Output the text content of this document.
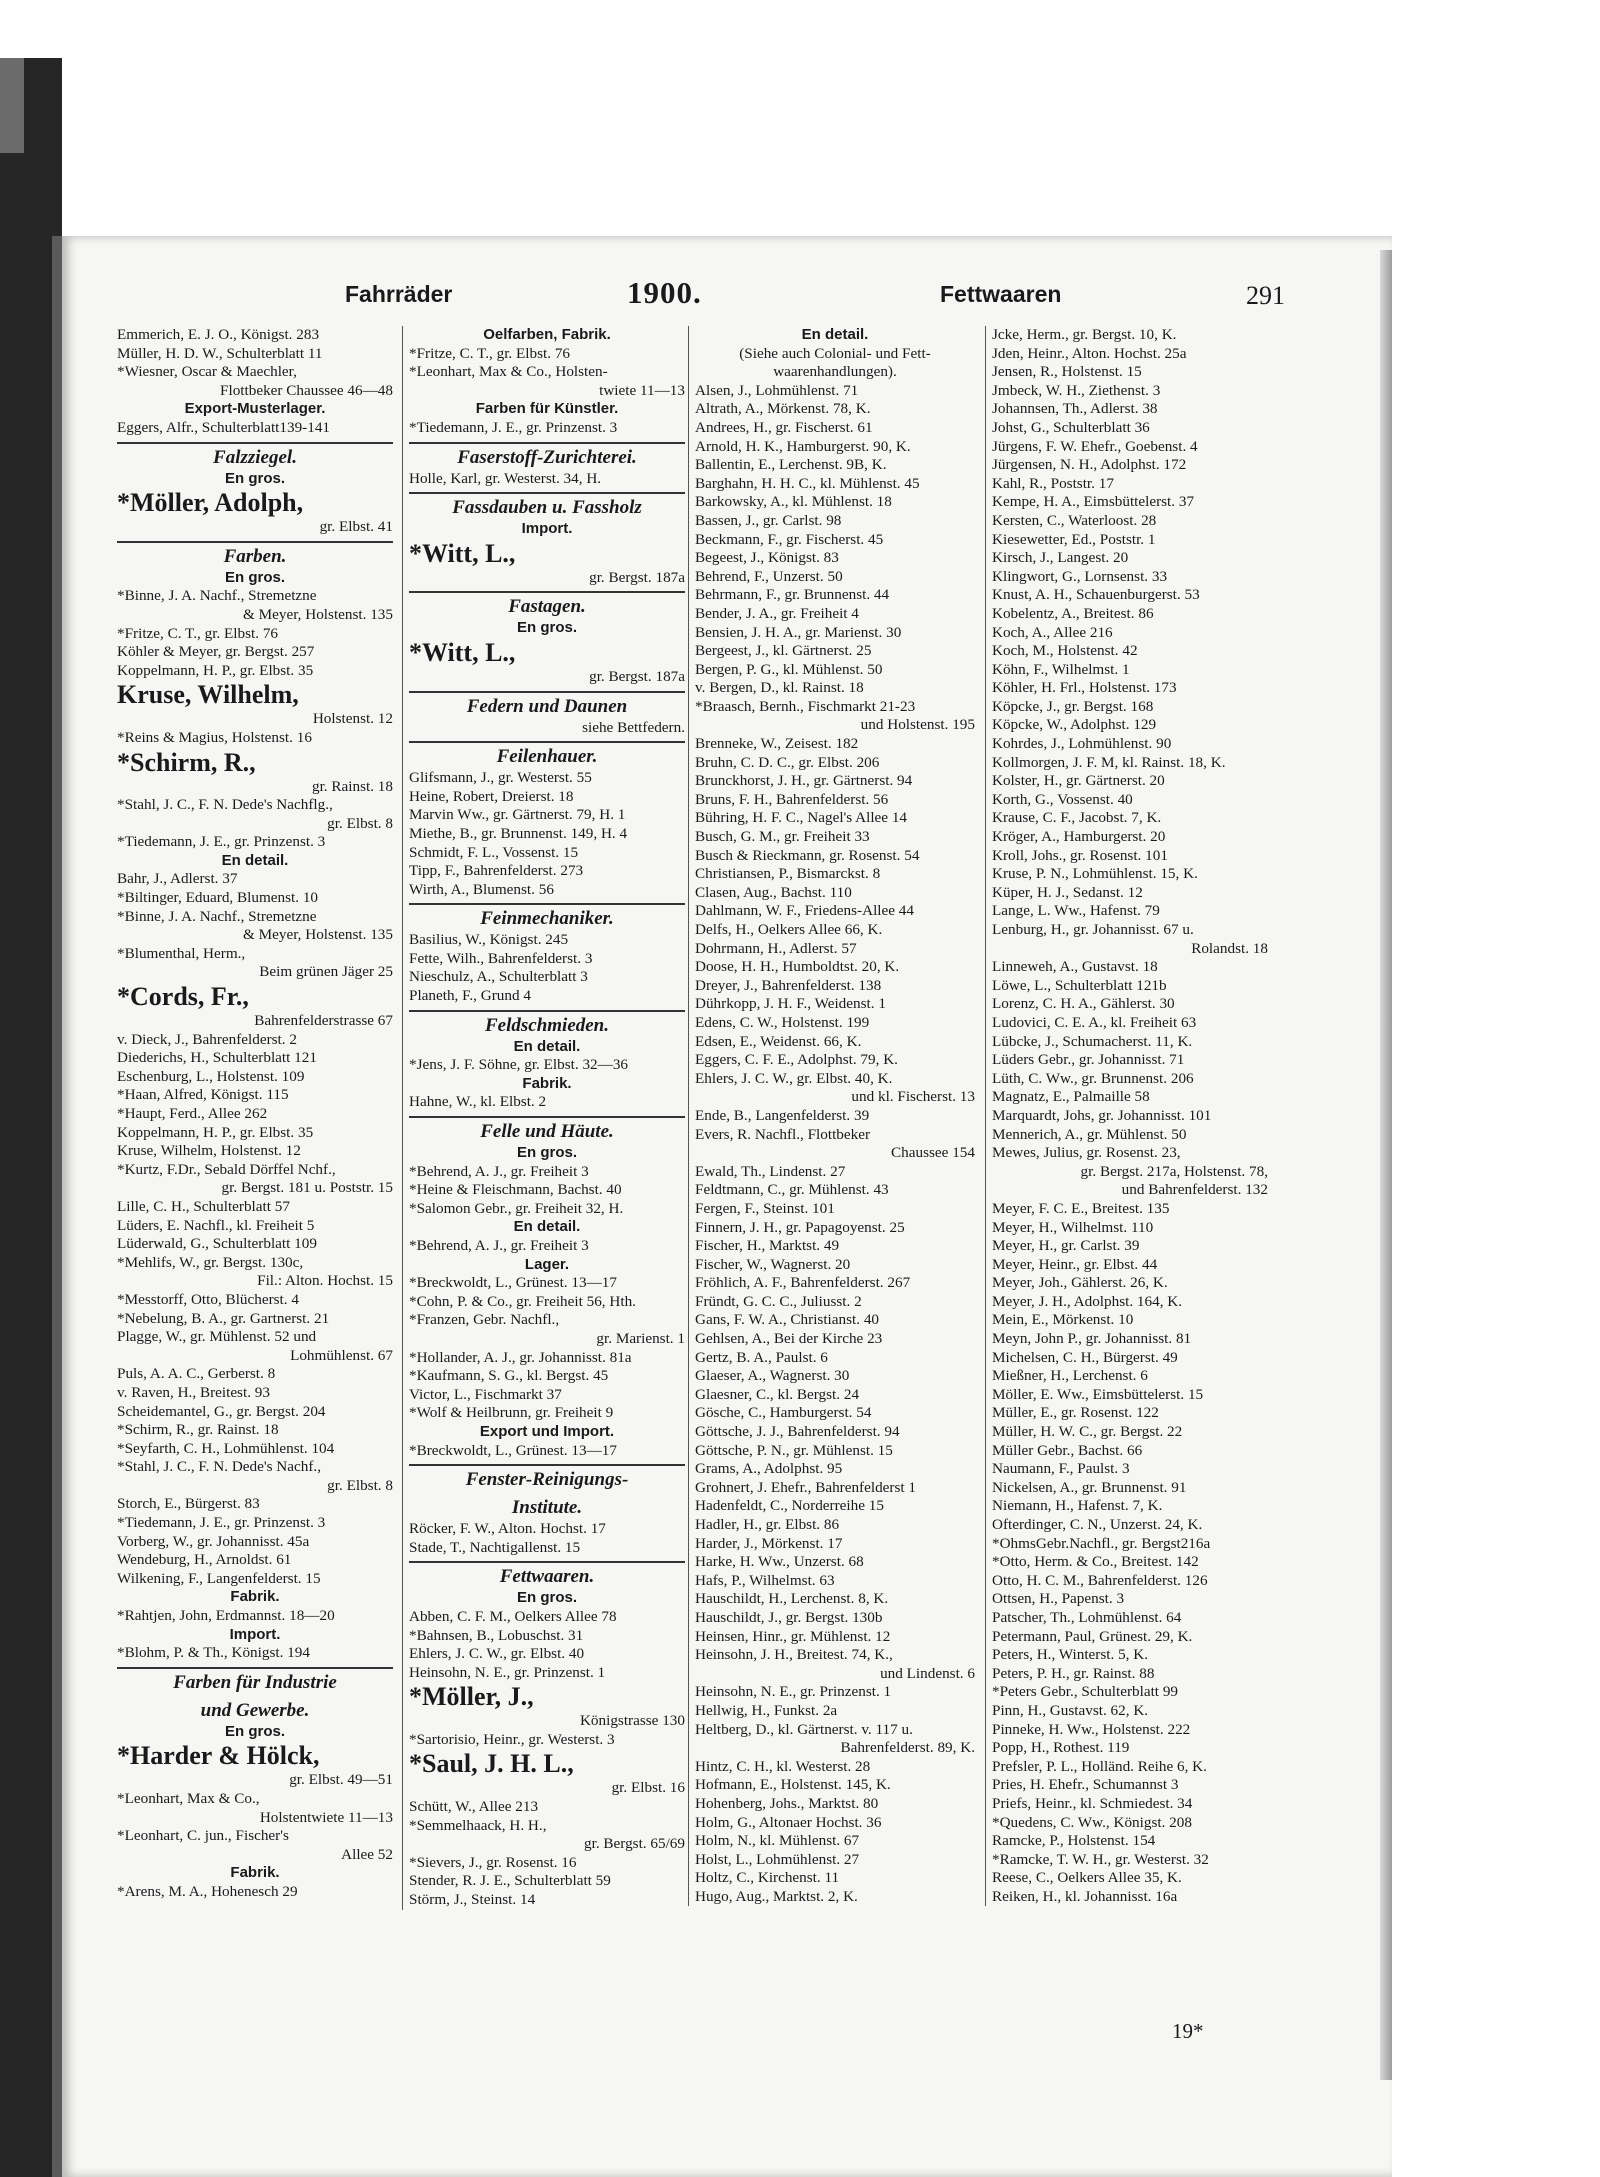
Fahrräder	1900.	Fettwaaren	291
Emmerich, E. J. O., Königst. 283
Müller, H. D. W., Schulterblatt 11
*Wiesner, Oscar & Maechler,
Flottbeker Chaussee 46—48
Export-Musterlager.
Eggers, Alfr., Schulterblatt139-141
Falzziegel.
En gros.
*Möller, Adolph,
gr. Elbst. 41
Farben.
En gros.
*Binne, J. A. Nachf., Stremetzne
& Meyer, Holstenst. 135
*Fritze, C. T., gr. Elbst. 76
Köhler & Meyer, gr. Bergst. 257
Koppelmann, H. P., gr. Elbst. 35
Kruse, Wilhelm,
Holstenst. 12
*Reins & Magius, Holstenst. 16
*Schirm, R.,
gr. Rainst. 18
*Stahl, J. C., F. N. Dede's Nachflg.,
gr. Elbst. 8
*Tiedemann, J. E., gr. Prinzenst. 3
En detail.
Bahr, J., Adlerst. 37
*Biltinger, Eduard, Blumenst. 10
*Binne, J. A. Nachf., Stremetzne
& Meyer, Holstenst. 135
*Blumenthal, Herm.,
Beim grünen Jäger 25
*Cords, Fr.,
Bahrenfelderstrasse 67
v. Dieck, J., Bahrenfelderst. 2
Diederichs, H., Schulterblatt 121
Eschenburg, L., Holstenst. 109
*Haan, Alfred, Königst. 115
*Haupt, Ferd., Allee 262
Koppelmann, H. P., gr. Elbst. 35
Kruse, Wilhelm, Holstenst. 12
*Kurtz, F.Dr., Sebald Dörffel Nchf.,
gr. Bergst. 181 u. Poststr. 15
Lille, C. H., Schulterblatt 57
Lüders, E. Nachfl., kl. Freiheit 5
Lüderwald, G., Schulterblatt 109
*Mehlifs, W., gr. Bergst. 130c,
Fil.: Alton. Hochst. 15
*Messtorff, Otto, Blücherst. 4
*Nebelung, B. A., gr. Gartnerst. 21
Plagge, W., gr. Mühlenst. 52 und
Lohmühlenst. 67
Puls, A. A. C., Gerberst. 8
v. Raven, H., Breitest. 93
Scheidemantel, G., gr. Bergst. 204
*Schirm, R., gr. Rainst. 18
*Seyfarth, C. H., Lohmühlenst. 104
*Stahl, J. C., F. N. Dede's Nachf.,
gr. Elbst. 8
Storch, E., Bürgerst. 83
*Tiedemann, J. E., gr. Prinzenst. 3
Vorberg, W., gr. Johannisst. 45a
Wendeburg, H., Arnoldst. 61
Wilkening, F., Langenfelderst. 15
Fabrik.
*Rahtjen, John, Erdmannst. 18—20
Import.
*Blohm, P. & Th., Königst. 194
Farben für Industrie
und Gewerbe.
En gros.
*Harder & Hölck,
gr. Elbst. 49—51
*Leonhart, Max & Co.,
Holstentwiete 11—13
*Leonhart, C. jun., Fischer's
Allee 52
Fabrik.
*Arens, M. A., Hohenesch 29
Oelfarben, Fabrik.
*Fritze, C. T., gr. Elbst. 76
*Leonhart, Max & Co., Holsten-
twiete 11—13
Farben für Künstler.
*Tiedemann, J. E., gr. Prinzenst. 3
Faserstoff-Zurichterei.
Holle, Karl, gr. Westerst. 34, H.
Fassdauben u. Fassholz
Import.
*Witt, L.,
gr. Bergst. 187a
Fastagen.
En gros.
*Witt, L.,
gr. Bergst. 187a
Federn und Daunen
siehe Bettfedern.
Feilenhauer.
Glifsmann, J., gr. Westerst. 55
Heine, Robert, Dreierst. 18
Marvin Ww., gr. Gärtnerst. 79, H. 1
Miethe, B., gr. Brunnenst. 149, H. 4
Schmidt, F. L., Vossenst. 15
Tipp, F., Bahrenfelderst. 273
Wirth, A., Blumenst. 56
Feinmechaniker.
Basilius, W., Königst. 245
Fette, Wilh., Bahrenfelderst. 3
Nieschulz, A., Schulterblatt 3
Planeth, F., Grund 4
Feldschmieden.
En detail.
*Jens, J. F. Söhne, gr. Elbst. 32—36
Fabrik.
Hahne, W., kl. Elbst. 2
Felle und Häute.
En gros.
*Behrend, A. J., gr. Freiheit 3
*Heine & Fleischmann, Bachst. 40
*Salomon Gebr., gr. Freiheit 32, H.
En detail.
*Behrend, A. J., gr. Freiheit 3
Lager.
*Breckwoldt, L., Grünest. 13—17
*Cohn, P. & Co., gr. Freiheit 56, Hth.
*Franzen, Gebr. Nachfl.,
gr. Marienst. 1
*Hollander, A. J., gr. Johannisst. 81a
*Kaufmann, S. G., kl. Bergst. 45
Victor, L., Fischmarkt 37
*Wolf & Heilbrunn, gr. Freiheit 9
Export und Import.
*Breckwoldt, L., Grünest. 13—17
Fenster-Reinigungs-
Institute.
Röcker, F. W., Alton. Hochst. 17
Stade, T., Nachtigallenst. 15
Fettwaaren.
En gros.
Abben, C. F. M., Oelkers Allee 78
*Bahnsen, B., Lobuschst. 31
Ehlers, J. C. W., gr. Elbst. 40
Heinsohn, N. E., gr. Prinzenst. 1
*Möller, J.,
Königstrasse 130
*Sartorisio, Heinr., gr. Westerst. 3
*Saul, J. H. L.,
gr. Elbst. 16
Schütt, W., Allee 213
*Semmelhaack, H. H.,
gr. Bergst. 65/69
*Sievers, J., gr. Rosenst. 16
Stender, R. J. E., Schulterblatt 59
Störm, J., Steinst. 14
En detail.
(Siehe auch Colonial- und Fett-
waarenhandlungen).
Alsen, J., Lohmühlenst. 71
Altrath, A., Mörkenst. 78, K.
Andrees, H., gr. Fischerst. 61
Arnold, H. K., Hamburgerst. 90, K.
Ballentin, E., Lerchenst. 9B, K.
Barghahn, H. H. C., kl. Mühlenst. 45
Barkowsky, A., kl. Mühlenst. 18
Bassen, J., gr. Carlst. 98
Beckmann, F., gr. Fischerst. 45
Begeest, J., Königst. 83
Behrend, F., Unzerst. 50
Behrmann, F., gr. Brunnenst. 44
Bender, J. A., gr. Freiheit 4
Bensien, J. H. A., gr. Marienst. 30
Bergeest, J., kl. Gärtnerst. 25
Bergen, P. G., kl. Mühlenst. 50
v. Bergen, D., kl. Rainst. 18
*Braasch, Bernh., Fischmarkt 21-23
und Holstenst. 195
Brenneke, W., Zeisest. 182
Bruhn, C. D. C., gr. Elbst. 206
Brunckhorst, J. H., gr. Gärtnerst. 94
Bruns, F. H., Bahrenfelderst. 56
Bühring, H. F. C., Nagel's Allee 14
Busch, G. M., gr. Freiheit 33
Busch & Rieckmann, gr. Rosenst. 54
Christiansen, P., Bismarckst. 8
Clasen, Aug., Bachst. 110
Dahlmann, W. F., Friedens-Allee 44
Delfs, H., Oelkers Allee 66, K.
Dohrmann, H., Adlerst. 57
Doose, H. H., Humboldtst. 20, K.
Dreyer, J., Bahrenfelderst. 138
Dührkopp, J. H. F., Weidenst. 1
Edens, C. W., Holstenst. 199
Edsen, E., Weidenst. 66, K.
Eggers, C. F. E., Adolphst. 79, K.
Ehlers, J. C. W., gr. Elbst. 40, K.
und kl. Fischerst. 13
Ende, B., Langenfelderst. 39
Evers, R. Nachfl., Flottbeker
Chaussee 154
Ewald, Th., Lindenst. 27
Feldtmann, C., gr. Mühlenst. 43
Fergen, F., Steinst. 101
Finnern, J. H., gr. Papagoyenst. 25
Fischer, H., Marktst. 49
Fischer, W., Wagnerst. 20
Fröhlich, A. F., Bahrenfelderst. 267
Fründt, G. C. C., Juliusst. 2
Gans, F. W. A., Christianst. 40
Gehlsen, A., Bei der Kirche 23
Gertz, B. A., Paulst. 6
Glaeser, A., Wagnerst. 30
Glaesner, C., kl. Bergst. 24
Gösche, C., Hamburgerst. 54
Göttsche, J. J., Bahrenfelderst. 94
Göttsche, P. N., gr. Mühlenst. 15
Grams, A., Adolphst. 95
Grohnert, J. Ehefr., Bahrenfelderst 1
Hadenfeldt, C., Norderreihe 15
Hadler, H., gr. Elbst. 86
Harder, J., Mörkenst. 17
Harke, H. Ww., Unzerst. 68
Hafs, P., Wilhelmst. 63
Hauschildt, H., Lerchenst. 8, K.
Hauschildt, J., gr. Bergst. 130b
Heinsen, Hinr., gr. Mühlenst. 12
Heinsohn, J. H., Breitest. 74, K.,
und Lindenst. 6
Heinsohn, N. E., gr. Prinzenst. 1
Hellwig, H., Funkst. 2a
Heltberg, D., kl. Gärtnerst. v. 117 u.
Bahrenfelderst. 89, K.
Hintz, C. H., kl. Westerst. 28
Hofmann, E., Holstenst. 145, K.
Hohenberg, Johs., Marktst. 80
Holm, G., Altonaer Hochst. 36
Holm, N., kl. Mühlenst. 67
Holst, L., Lohmühlenst. 27
Holtz, C., Kirchenst. 11
Hugo, Aug., Marktst. 2, K.
Jcke, Herm., gr. Bergst. 10, K.
Jden, Heinr., Alton. Hochst. 25a
Jensen, R., Holstenst. 15
Jmbeck, W. H., Ziethenst. 3
Johannsen, Th., Adlerst. 38
Johst, G., Schulterblatt 36
Jürgens, F. W. Ehefr., Goebenst. 4
Jürgensen, N. H., Adolphst. 172
Kahl, R., Poststr. 17
Kempe, H. A., Eimsbüttelerst. 37
Kersten, C., Waterloost. 28
Kiesewetter, Ed., Poststr. 1
Kirsch, J., Langest. 20
Klingwort, G., Lornsenst. 33
Knust, A. H., Schauenburgerst. 53
Kobelentz, A., Breitest. 86
Koch, A., Allee 216
Koch, M., Holstenst. 42
Köhn, F., Wilhelmst. 1
Köhler, H. Frl., Holstenst. 173
Köpcke, J., gr. Bergst. 168
Köpcke, W., Adolphst. 129
Kohrdes, J., Lohmühlenst. 90
Kollmorgen, J. F. M, kl. Rainst. 18, K.
Kolster, H., gr. Gärtnerst. 20
Korth, G., Vossenst. 40
Krause, C. F., Jacobst. 7, K.
Kröger, A., Hamburgerst. 20
Kroll, Johs., gr. Rosenst. 101
Kruse, P. N., Lohmühlenst. 15, K.
Küper, H. J., Sedanst. 12
Lange, L. Ww., Hafenst. 79
Lenburg, H., gr. Johannisst. 67 u.
Rolandst. 18
Linneweh, A., Gustavst. 18
Löwe, L., Schulterblatt 121b
Lorenz, C. H. A., Gählerst. 30
Ludovici, C. E. A., kl. Freiheit 63
Lübcke, J., Schumacherst. 11, K.
Lüders Gebr., gr. Johannisst. 71
Lüth, C. Ww., gr. Brunnenst. 206
Magnatz, E., Palmaille 58
Marquardt, Johs, gr. Johannisst. 101
Mennerich, A., gr. Mühlenst. 50
Mewes, Julius, gr. Rosenst. 23,
gr. Bergst. 217a, Holstenst. 78,
und Bahrenfelderst. 132
Meyer, F. C. E., Breitest. 135
Meyer, H., Wilhelmst. 110
Meyer, H., gr. Carlst. 39
Meyer, Heinr., gr. Elbst. 44
Meyer, Joh., Gählerst. 26, K.
Meyer, J. H., Adolphst. 164, K.
Mein, E., Mörkenst. 10
Meyn, John P., gr. Johannisst. 81
Michelsen, C. H., Bürgerst. 49
Mießner, H., Lerchenst. 6
Möller, E. Ww., Eimsbüttelerst. 15
Müller, E., gr. Rosenst. 122
Müller, H. W. C., gr. Bergst. 22
Müller Gebr., Bachst. 66
Naumann, F., Paulst. 3
Nickelsen, A., gr. Brunnenst. 91
Niemann, H., Hafenst. 7, K.
Ofterdinger, C. N., Unzerst. 24, K.
*OhmsGebr.Nachfl., gr. Bergst216a
*Otto, Herm. & Co., Breitest. 142
Otto, H. C. M., Bahrenfelderst. 126
Ottsen, H., Papenst. 3
Patscher, Th., Lohmühlenst. 64
Petermann, Paul, Grünest. 29, K.
Peters, H., Winterst. 5, K.
Peters, P. H., gr. Rainst. 88
*Peters Gebr., Schulterblatt 99
Pinn, H., Gustavst. 62, K.
Pinneke, H. Ww., Holstenst. 222
Popp, H., Rothest. 119
Prefsler, P. L., Holländ. Reihe 6, K.
Pries, H. Ehefr., Schumannst 3
Priefs, Heinr., kl. Schmiedest. 34
*Quedens, C. Ww., Königst. 208
Ramcke, P., Holstenst. 154
*Ramcke, T. W. H., gr. Westerst. 32
Reese, C., Oelkers Allee 35, K.
Reiken, H., kl. Johannisst. 16a
19*
